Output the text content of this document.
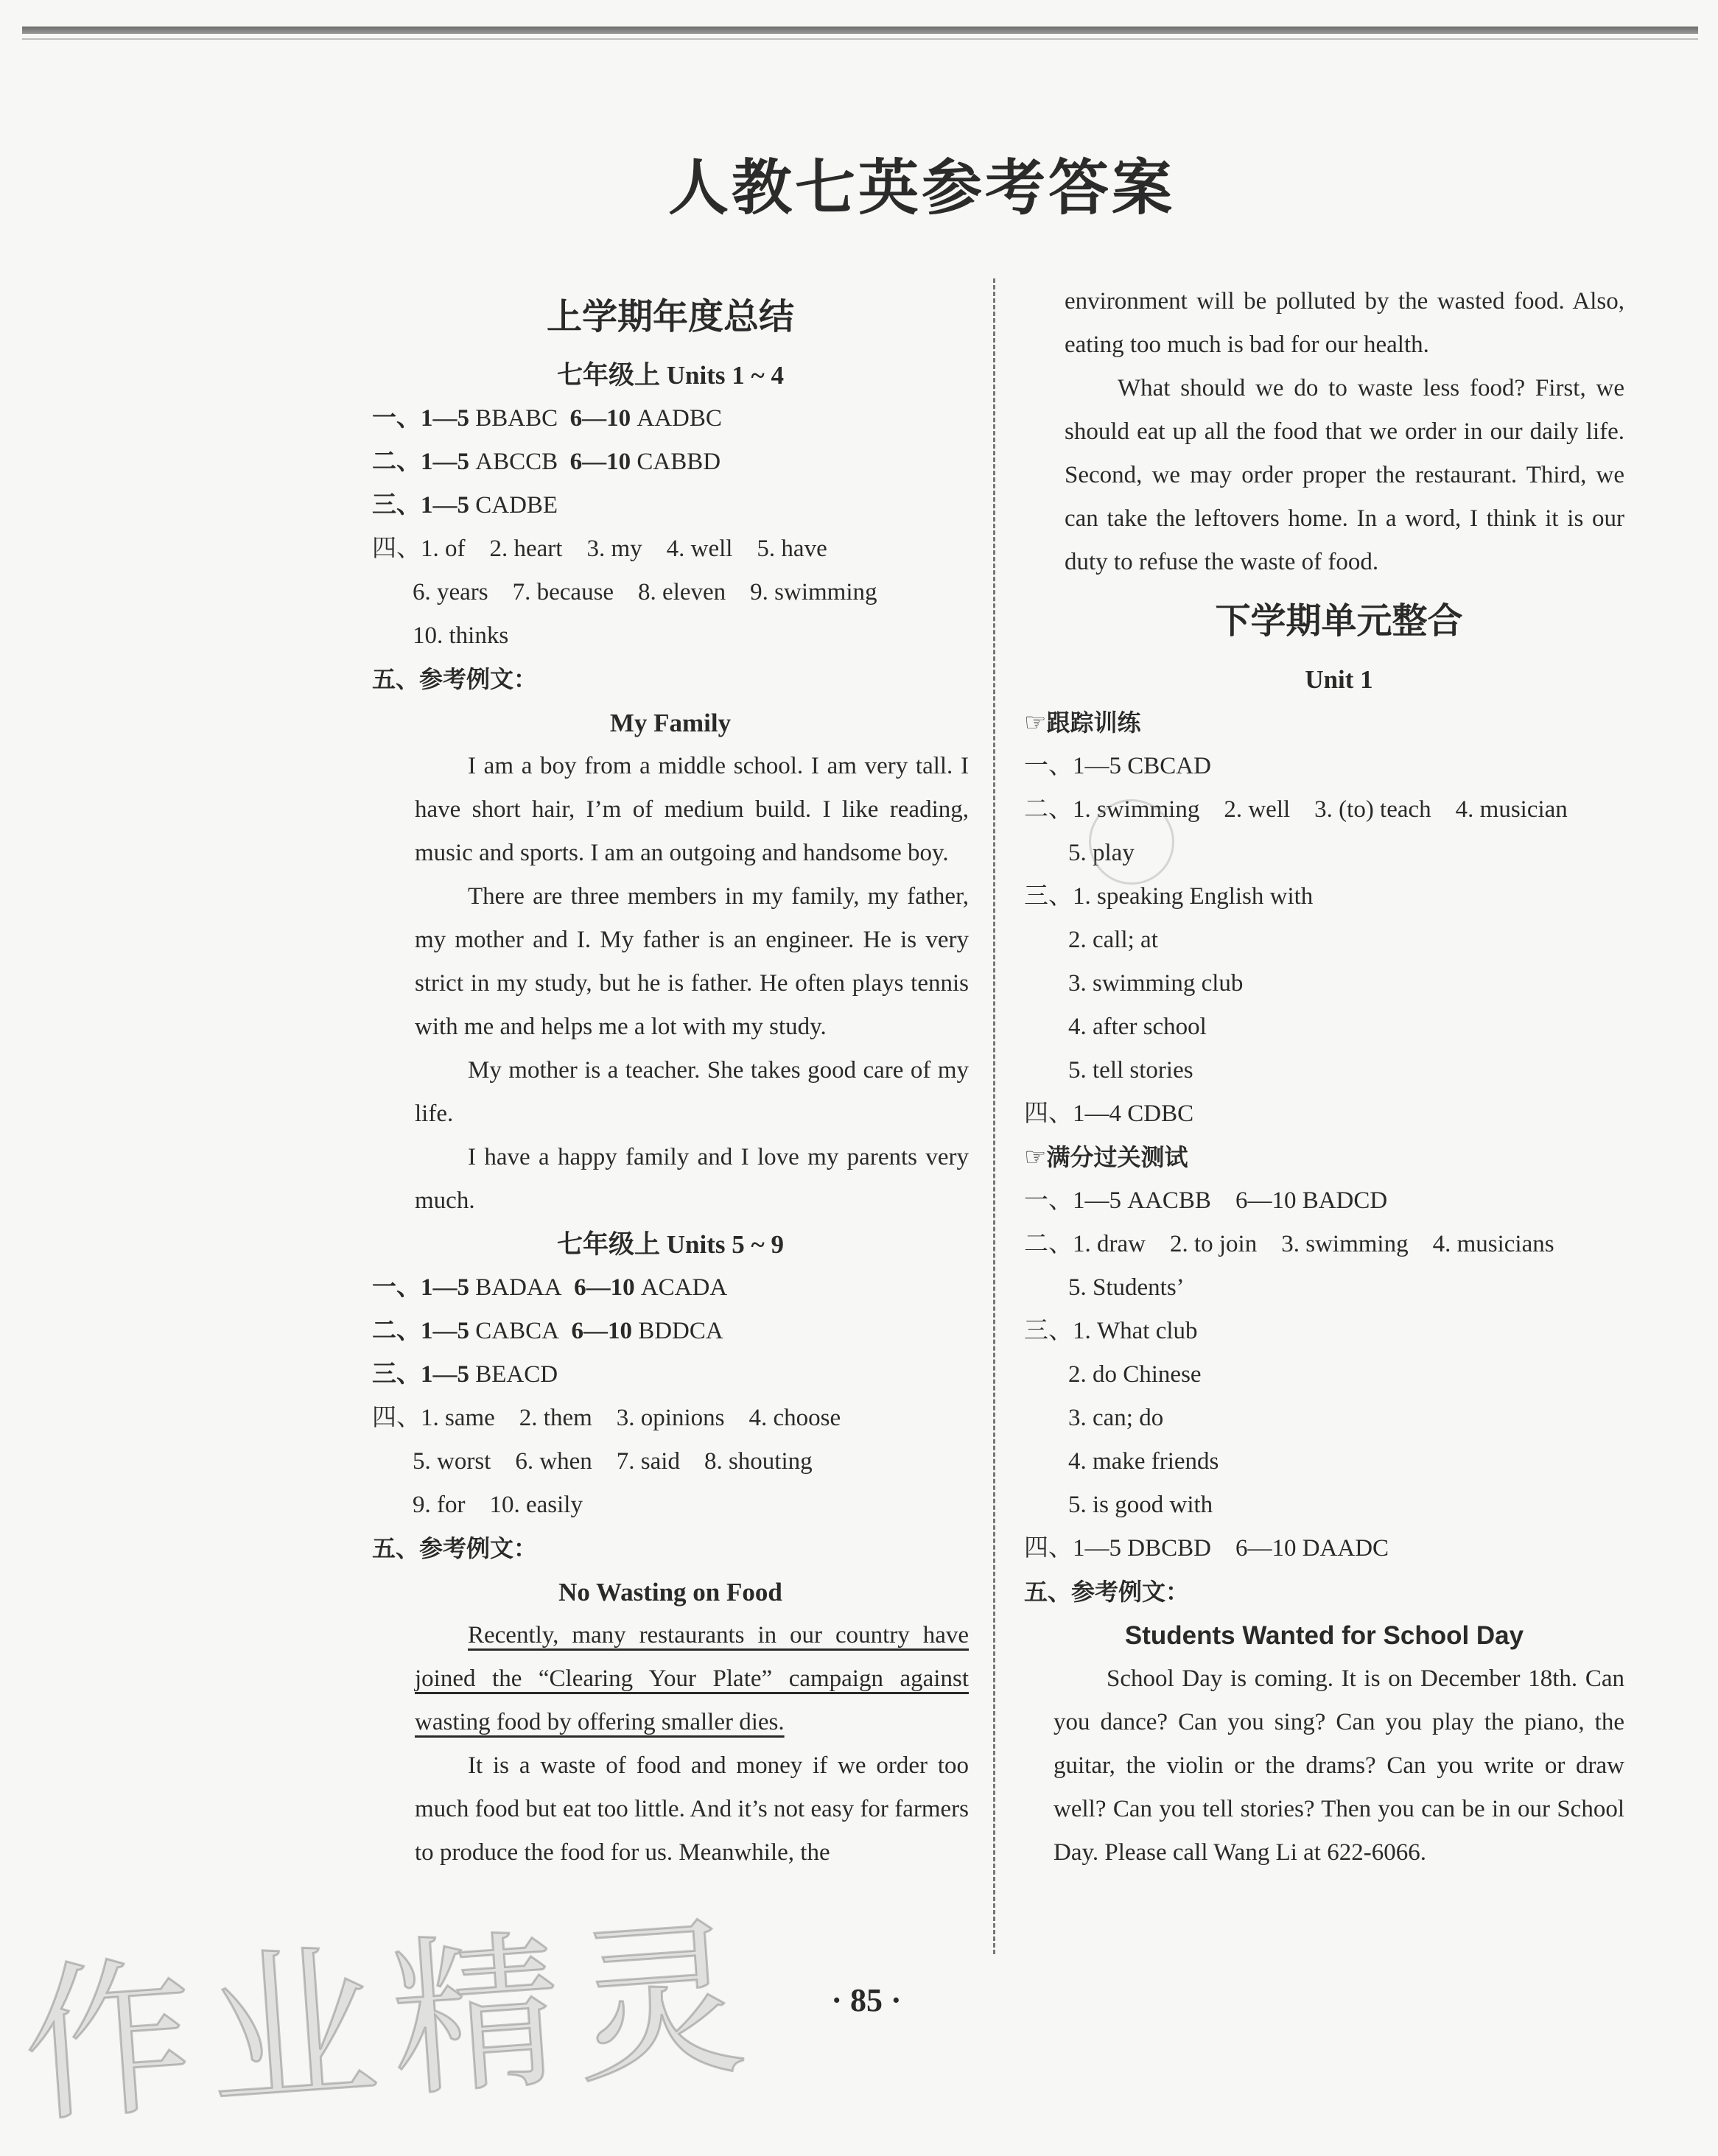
人教七英参考答案
上学期年度总结
七年级上 Units 1 ~ 4
一、1—5 BBABC 6—10 AADBC
二、1—5 ABCCB 6—10 CABBD
三、1—5 CADBE
四、1. of    2. heart    3. my    4. well    5. have
6. years    7. because    8. eleven    9. swimming
10. thinks
五、参考例文：
My Family

I am a boy from a middle school. I am very tall. I have short hair, I’m of medium build. I like reading, music and sports. I am an outgoing and handsome boy.

There are three members in my family, my father, my mother and I. My father is an engineer. He is very strict in my study, but he is father. He often plays tennis with me and helps me a lot with my study.

My mother is a teacher. She takes good care of my life.

I have a happy family and I love my parents very much.

七年级上 Units 5 ~ 9
一、1—5 BADAA 6—10 ACADA
二、1—5 CABCA 6—10 BDDCA
三、1—5 BEACD
四、1. same    2. them    3. opinions    4. choose
5. worst    6. when    7. said    8. shouting
9. for    10. easily
五、参考例文：
No Wasting on Food

Recently, many restaurants in our country have joined the “Clearing Your Plate” campaign against wasting food by offering smaller dies.

It is a waste of food and money if we order too much food but eat too little. And it’s not easy for farmers to produce the food for us. Meanwhile, the

environment will be polluted by the wasted food. Also, eating too much is bad for our health.

What should we do to waste less food? First, we should eat up all the food that we order in our daily life. Second, we may order proper the restaurant. Third, we can take the leftovers home. In a word, I think it is our duty to refuse the waste of food.

下学期单元整合
Unit 1
☞跟踪训练
一、1—5 CBCAD
二、1. swimming    2. well    3. (to) teach    4. musician
5. play
三、1. speaking English with
2. call; at
3. swimming club
4. after school
5. tell stories
四、1—4 CDBC
☞满分过关测试
一、1—5 AACBB    6—10 BADCD
二、1. draw    2. to join    3. swimming    4. musicians
5. Students’
三、1. What club
2. do Chinese
3. can; do
4. make friends
5. is good with
四、1—5 DBCBD    6—10 DAADC
五、参考例文：
Students Wanted for School Day

School Day is coming. It is on December 18th. Can you dance? Can you sing? Can you play the piano, the guitar, the violin or the drams? Can you write or draw well? Can you tell stories? Then you can be in our School Day. Please call Wang Li at 622-6066.

· 85 ·
作业精灵
